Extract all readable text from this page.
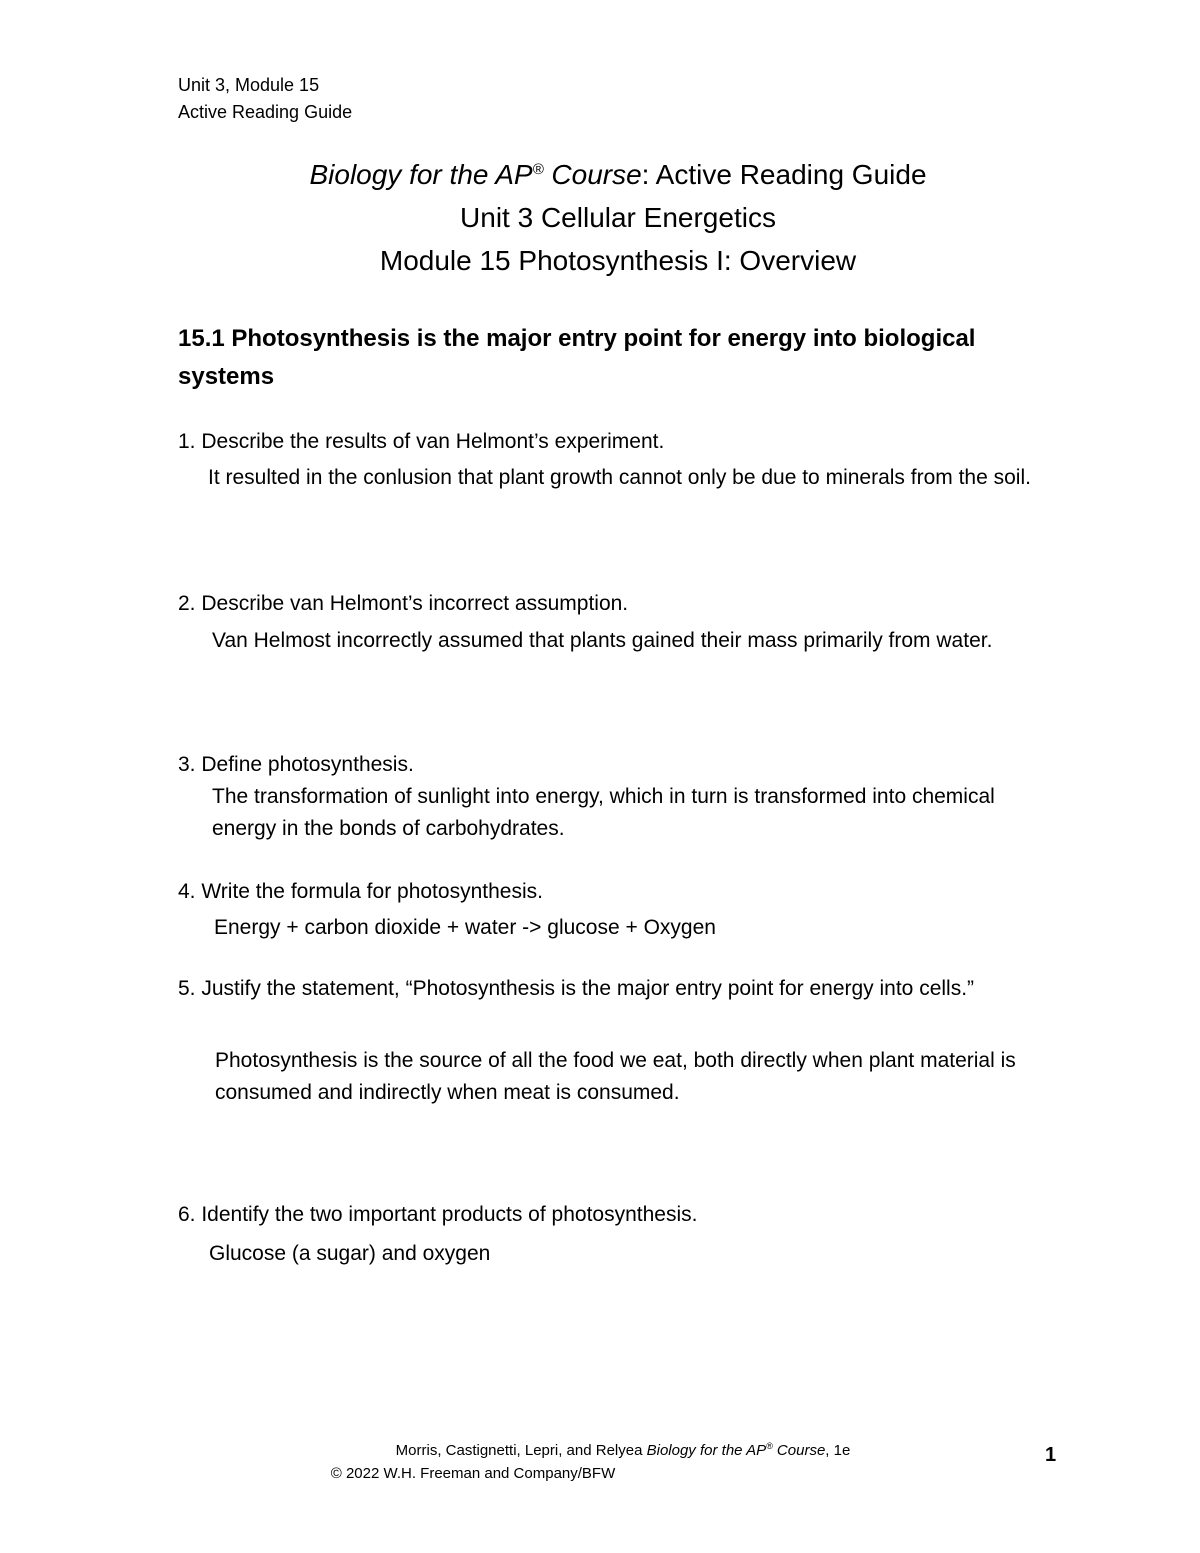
Unit 3, Module 15
Active Reading Guide
Biology for the AP® Course: Active Reading Guide
Unit 3 Cellular Energetics
Module 15 Photosynthesis I: Overview
15.1 Photosynthesis is the major entry point for energy into biological systems
1. Describe the results of van Helmont’s experiment.
It resulted in the conlusion that plant growth cannot only be due to minerals from the soil.
2. Describe van Helmont’s incorrect assumption.
Van Helmost incorrectly assumed that plants gained their mass primarily from water.
3. Define photosynthesis.
The transformation of sunlight into energy, which in turn is transformed into chemical energy in the bonds of carbohydrates.
4. Write the formula for photosynthesis.
Energy + carbon dioxide + water -> glucose + Oxygen
5. Justify the statement, “Photosynthesis is the major entry point for energy into cells.”
Photosynthesis is the source of all the food we eat, both directly when plant material is consumed and indirectly when meat is consumed.
6. Identify the two important products of photosynthesis.
Glucose (a sugar) and oxygen
Morris, Castignetti, Lepri, and Relyea Biology for the AP® Course, 1e
© 2022 W.H. Freeman and Company/BFW
1
